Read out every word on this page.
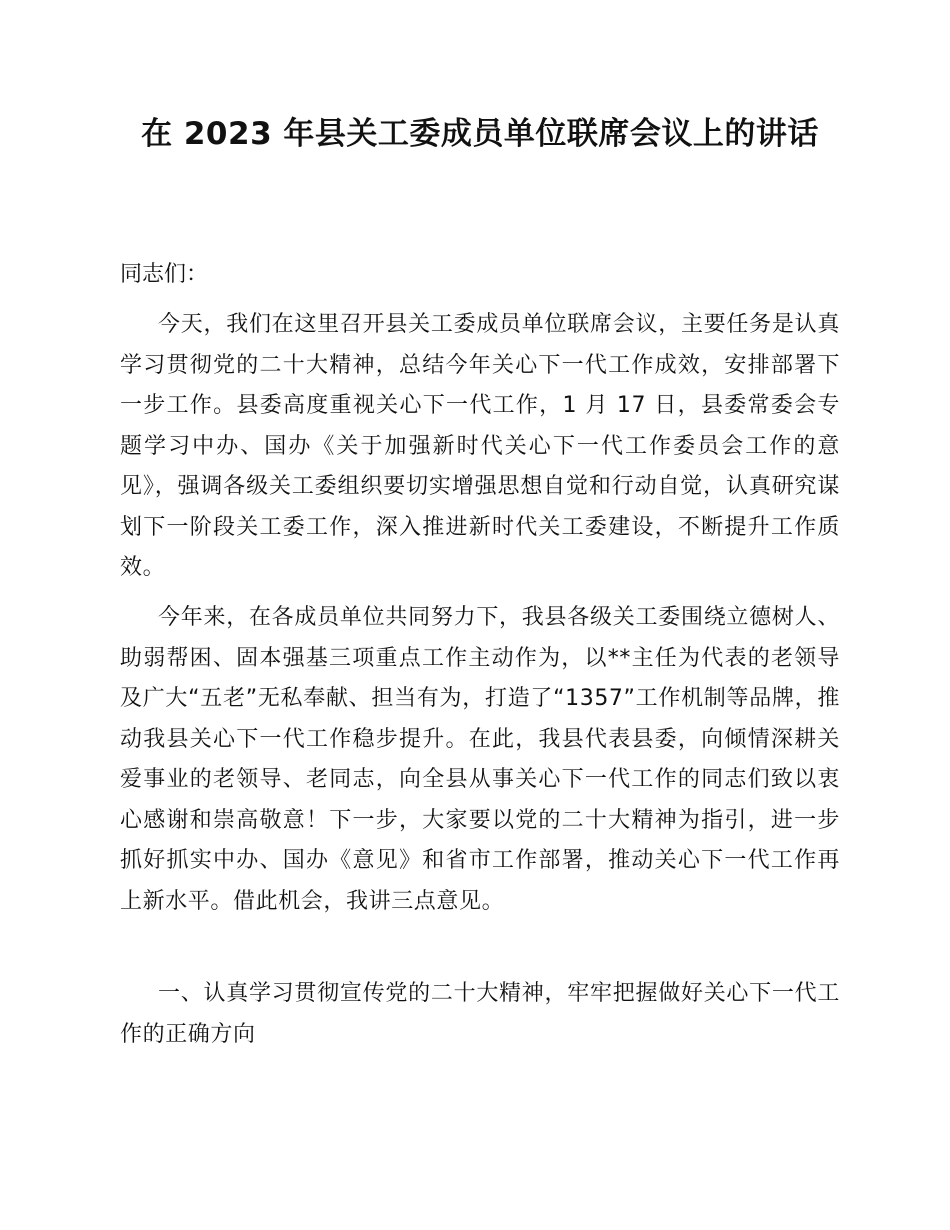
在 2023 年县关工委成员单位联席会议上的讲话
同志们：
今天，我们在这里召开县关工委成员单位联席会议，主要任务是认真学习贯彻党的二十大精神，总结今年关心下一代工作成效，安排部署下一步工作。县委高度重视关心下一代工作，1 月 17 日，县委常委会专题学习中办、国办《关于加强新时代关心下一代工作委员会工作的意见》，强调各级关工委组织要切实增强思想自觉和行动自觉，认真研究谋划下一阶段关工委工作，深入推进新时代关工委建设，不断提升工作质效。
今年来，在各成员单位共同努力下，我县各级关工委围绕立德树人、助弱帮困、固本强基三项重点工作主动作为，以**主任为代表的老领导及广大“五老”无私奉献、担当有为，打造了“1357”工作机制等品牌，推动我县关心下一代工作稳步提升。在此，我县代表县委，向倾情深耕关爱事业的老领导、老同志，向全县从事关心下一代工作的同志们致以衷心感谢和崇高敬意！下一步，大家要以党的二十大精神为指引，进一步抓好抓实中办、国办《意见》和省市工作部署，推动关心下一代工作再上新水平。借此机会，我讲三点意见。
一、认真学习贯彻宣传党的二十大精神，牢牢把握做好关心下一代工作的正确方向
